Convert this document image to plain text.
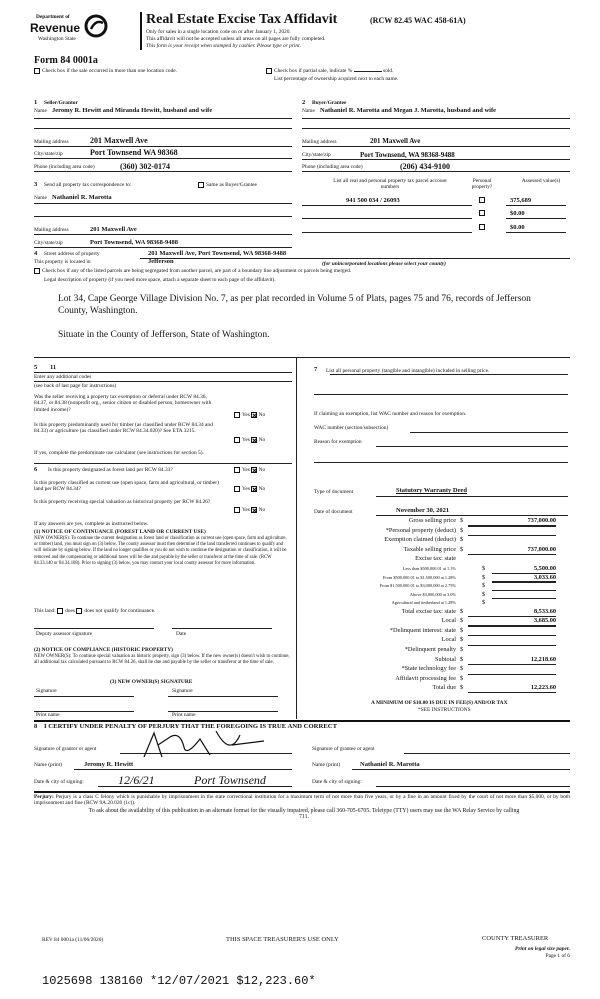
Department of
Revenue
Washington State
Real Estate Excise Tax Affidavit	(RCW 82.45 WAC 458-61A)
Only for sales in a single location code on or after January 1, 2020.
This affidavit will not be accepted unless all areas on all pages are fully completed.
This form is your receipt when stamped by cashier. Please type or print.
Form 84 0001a
Check box if the sale occurred in more than one location code.	Check box if partial sale, indicate %	sold.
List percentage of ownership acquired next to each name.
1 Seller/Grantor
Name Jeromy R. Hewitt and Miranda Hewitt, husband and wife
Mailing address	201 Maxwell Ave
City/state/zip	Port Townsend WA 98368
Phone (including area code)	(360) 302-0174
2 Buyer/Grantee
Name Nathaniel R. Marotta and Megan J. Marotta, husband and wife
Mailing address	201 Maxwell Ave
City/state/zip	Port Townsend, WA 98368-9488
Phone (including area code)	(206) 434-9100
3 Send all property tax correspondence to:	Same as Buyer/Grantee
Name Nathaniel R. Marotta
Mailing address	201 Maxwell Ave
City/state/zip	Port Townsend, WA 98368-9488
List all real and personal property tax parcel account numbers
Personal property?
Assessed value(s)
941 500 034 / 26093	375,689
$0.00
$0.00
4 Street address of property	201 Maxwell Ave, Port Townsend, WA 98368-9488
This property is located in	Jefferson	(for unincorporated locations please select your county)
Check box if any of the listed parcels are being segregated from another parcel, are part of a boundary line adjustment or parcels being merged.
Legal description of property (if you need more space, attach a separate sheet to each page of the affidavit).
Lot 34, Cape George Village Division No. 7, as per plat recorded in Volume 5 of Plats, pages 75 and 76, records of Jefferson County, Washington.
Situate in the County of Jefferson, State of Washington.
5 11
Enter any additional codes
(see back of last page for instructions)
Was the seller receiving a property tax exemption or deferral under RCW 84.36, 84.37, or 84.38 (nonprofit org., senior citizen or disabled person, homeowner with limited income)?
Yes No
Is this property predominantly used for timber (as classified under RCW 84.34 and 84.33) or agriculture (as classified under RCW 84.34.020)? See ETA 3215.
Yes No
If yes, complete the predominate use calculator (see instructions for section 5).
6 Is this property designated as forest land per RCW 84.33?	Yes No
Is this property classified as current use (open space, farm and agricultural, or timber) land per RCW 84.34?	Yes No
Is this property receiving special valuation as historical property per RCW 84.26?
Yes No
If any answers are yes, complete as instructed below.
(1) NOTICE OF CONTINUANCE (FOREST LAND OR CURRENT USE)
NEW OWNER(S): To continue the current designation as forest land or classification as current use (open space, farm and agriculture, or timber) land, you must sign on (3) below. The county assessor must then determine if the land transferred continues to qualify and will indicate by signing below. If the land no longer qualifies or you do not wish to continue the designation or classification, it will be removed and the compensating or additional taxes will be due and payable by the seller or transferor at the time of sale. (RCW 84.33.140 or 84.34.108). Prior to signing (3) below, you may contact your local county assessor for more information.
This land: does does not qualify for continuance.
Deputy assessor signature	Date
(2) NOTICE OF COMPLIANCE (HISTORIC PROPERTY)
NEW OWNER(S): To continue special valuation as historic property, sign (3) below. If the new owner(s) doesn't wish to continue, all additional tax calculated pursuant to RCW 84.26, shall be due and payable by the seller or transferor at the time of sale.
(3) NEW OWNER(S) SIGNATURE
Signature	Signature
Print name	Print name
7	List all personal property (tangible and intangible) included in selling price.
If claiming an exemption, list WAC number and reason for exemption.
WAC number (section/subsection)
Reason for exemption
Type of document	Statutory Warranty Deed
Date of document	November 30, 2021
Gross selling price $	737,000.00
*Personal property (deduct) $
Exemption claimed (deduct) $
Taxable selling price $	737,000.00
Excise tax: state
Less than $500,000.01 at 1.1%	$	5,500.00
From $500,000.01 to $1,500,000 at 1.28%	$	3,033.60
From $1,500,000.01 to $3,000,000 at 2.75%	$
Above $3,000,000 at 3.0%	$
Agricultural and timberland at 1.28%	$
Total excise tax: state $	8,533.60
Local $	3,685.00
*Delinquent interest: state $
Local $
*Delinquent penalty $
Subtotal $	12,218.60
*State technology fee $
Affidavit processing fee $
Total due $	12,223.60
A MINIMUM OF $10.00 IS DUE IN FEE(S) AND/OR TAX
*SEE INSTRUCTIONS
8 I CERTIFY UNDER PENALTY OF PERJURY THAT THE FOREGOING IS TRUE AND CORRECT
Signature of grantor or agent	Signature of grantee or agent
Name (print)	Jeromy R. Hewitt	Name (print)	Nathaniel R. Marotta
Date & city of signing:	12/6/21	Port Townsend	Date & city of signing:
Perjury: Perjury is a class C felony which is punishable by imprisonment in the state correctional institution for a maximum term of not more than five years, or by a fine in an amount fixed by the court of not more than $5,000, or by both imprisonment and fine (RCW 9A.20.020 (1c)).
To ask about the availability of this publication in an alternate format for the visually impaired, please call 360-705-6705. Teletype (TTY) users may use the WA Relay Service by calling 711.
REV 84 0001a (11/06/2020)	THIS SPACE TREASURER'S USE ONLY	COUNTY TREASURER
Print on legal size paper.
Page 1 of 6
1025698 138160 *12/07/2021 $12,223.60*
